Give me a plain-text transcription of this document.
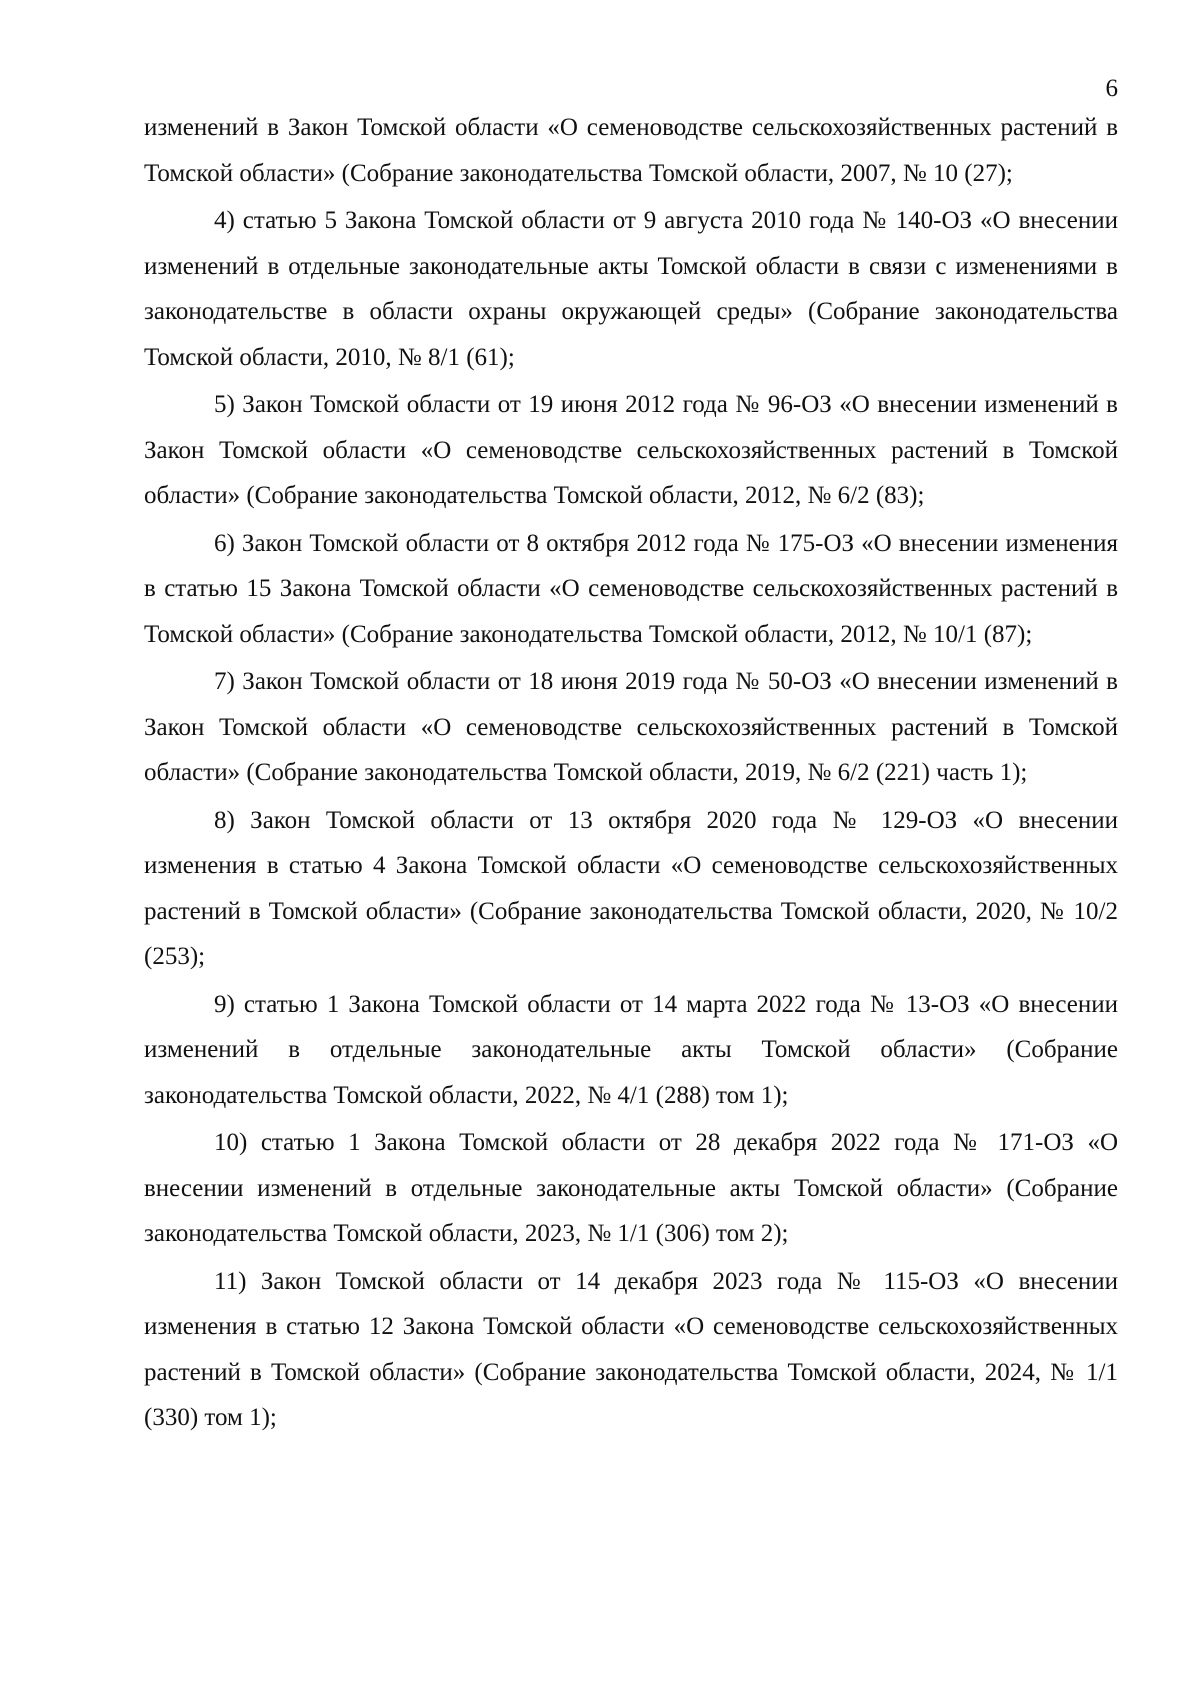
6

изменений в Закон Томской области «О семеноводстве сельскохозяйственных растений в Томской области» (Собрание законодательства Томской области, 2007, № 10 (27);

4) статью 5 Закона Томской области от 9 августа 2010 года № 140-ОЗ «О внесении изменений в отдельные законодательные акты Томской области в связи с изменениями в законодательстве в области охраны окружающей среды» (Собрание законодательства Томской области, 2010, № 8/1 (61);

5) Закон Томской области от 19 июня 2012 года № 96-ОЗ «О внесении изменений в Закон Томской области «О семеноводстве сельскохозяйственных растений в Томской области» (Собрание законодательства Томской области, 2012, № 6/2 (83);

6) Закон Томской области от 8 октября 2012 года № 175-ОЗ «О внесении изменения в статью 15 Закона Томской области «О семеноводстве сельскохозяйственных растений в Томской области» (Собрание законодательства Томской области, 2012, № 10/1 (87);

7) Закон Томской области от 18 июня 2019 года № 50-ОЗ «О внесении изменений в Закон Томской области «О семеноводстве сельскохозяйственных растений в Томской области» (Собрание законодательства Томской области, 2019, № 6/2 (221) часть 1);

8) Закон Томской области от 13 октября 2020 года № 129-ОЗ «О внесении изменения в статью 4 Закона Томской области «О семеноводстве сельскохозяйственных растений в Томской области» (Собрание законодательства Томской области, 2020, № 10/2 (253);

9) статью 1 Закона Томской области от 14 марта 2022 года № 13-ОЗ «О внесении изменений в отдельные законодательные акты Томской области» (Собрание законодательства Томской области, 2022, № 4/1 (288) том 1);

10) статью 1 Закона Томской области от 28 декабря 2022 года № 171-ОЗ «О внесении изменений в отдельные законодательные акты Томской области» (Собрание законодательства Томской области, 2023, № 1/1 (306) том 2);

11) Закон Томской области от 14 декабря 2023 года № 115-ОЗ «О внесении изменения в статью 12 Закона Томской области «О семеноводстве сельскохозяйственных растений в Томской области» (Собрание законодательства Томской области, 2024, № 1/1 (330) том 1);
